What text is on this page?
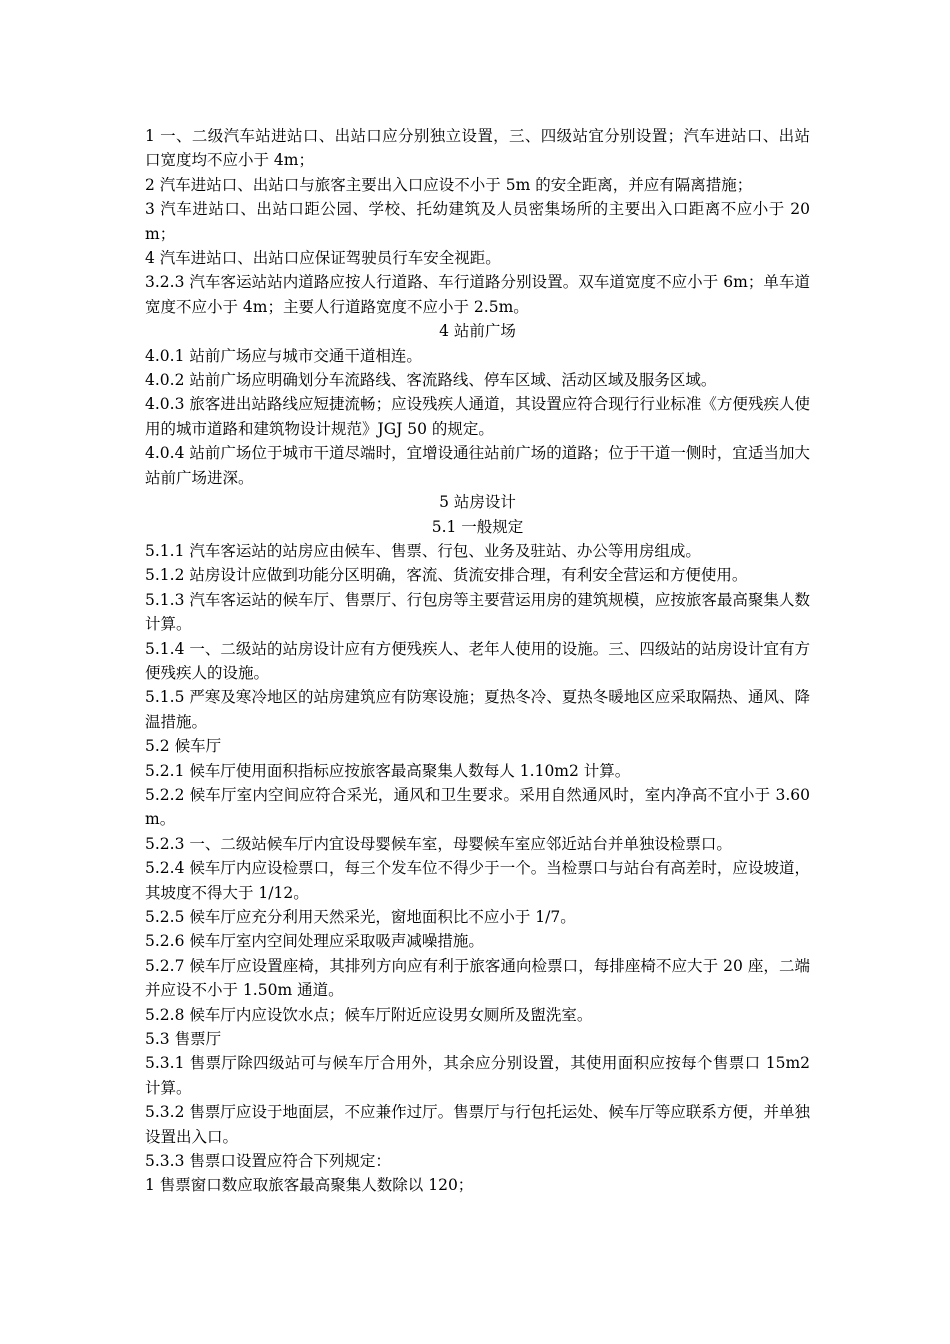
1 一、二级汽车站进站口、出站口应分别独立设置，三、四级站宜分别设置；汽车进站口、出站口宽度均不应小于 4m；

2 汽车进站口、出站口与旅客主要出入口应设不小于 5m 的安全距离，并应有隔离措施；

3 汽车进站口、出站口距公园、学校、托幼建筑及人员密集场所的主要出入口距离不应小于 20m；

4 汽车进站口、出站口应保证驾驶员行车安全视距。

3.2.3 汽车客运站站内道路应按人行道路、车行道路分别设置。双车道宽度不应小于 6m；单车道宽度不应小于 4m；主要人行道路宽度不应小于 2.5m。

4 站前广场

4.0.1 站前广场应与城市交通干道相连。

4.0.2 站前广场应明确划分车流路线、客流路线、停车区域、活动区域及服务区域。

4.0.3 旅客进出站路线应短捷流畅；应设残疾人通道，其设置应符合现行行业标准《方便残疾人使用的城市道路和建筑物设计规范》JGJ 50 的规定。

4.0.4 站前广场位于城市干道尽端时，宜增设通往站前广场的道路；位于干道一侧时，宜适当加大站前广场进深。

5 站房设计

5.1 一般规定

5.1.1 汽车客运站的站房应由候车、售票、行包、业务及驻站、办公等用房组成。

5.1.2 站房设计应做到功能分区明确，客流、货流安排合理，有利安全营运和方便使用。

5.1.3 汽车客运站的候车厅、售票厅、行包房等主要营运用房的建筑规模，应按旅客最高聚集人数计算。

5.1.4 一、二级站的站房设计应有方便残疾人、老年人使用的设施。三、四级站的站房设计宜有方便残疾人的设施。

5.1.5 严寒及寒冷地区的站房建筑应有防寒设施；夏热冬冷、夏热冬暖地区应采取隔热、通风、降温措施。

5.2 候车厅

5.2.1 候车厅使用面积指标应按旅客最高聚集人数每人 1.10m2 计算。

5.2.2 候车厅室内空间应符合采光，通风和卫生要求。采用自然通风时，室内净高不宜小于 3.60m。

5.2.3 一、二级站候车厅内宜设母婴候车室，母婴候车室应邻近站台并单独设检票口。

5.2.4 候车厅内应设检票口，每三个发车位不得少于一个。当检票口与站台有高差时，应设坡道，其坡度不得大于 1/12。

5.2.5 候车厅应充分利用天然采光，窗地面积比不应小于 1/7。

5.2.6 候车厅室内空间处理应采取吸声减噪措施。

5.2.7 候车厅应设置座椅，其排列方向应有利于旅客通向检票口，每排座椅不应大于 20 座，二端并应设不小于 1.50m 通道。

5.2.8 候车厅内应设饮水点；候车厅附近应设男女厕所及盥洗室。

5.3 售票厅

5.3.1 售票厅除四级站可与候车厅合用外，其余应分别设置，其使用面积应按每个售票口 15m2 计算。

5.3.2 售票厅应设于地面层，不应兼作过厅。售票厅与行包托运处、候车厅等应联系方便，并单独设置出入口。

5.3.3 售票口设置应符合下列规定：

1 售票窗口数应取旅客最高聚集人数除以 120；
